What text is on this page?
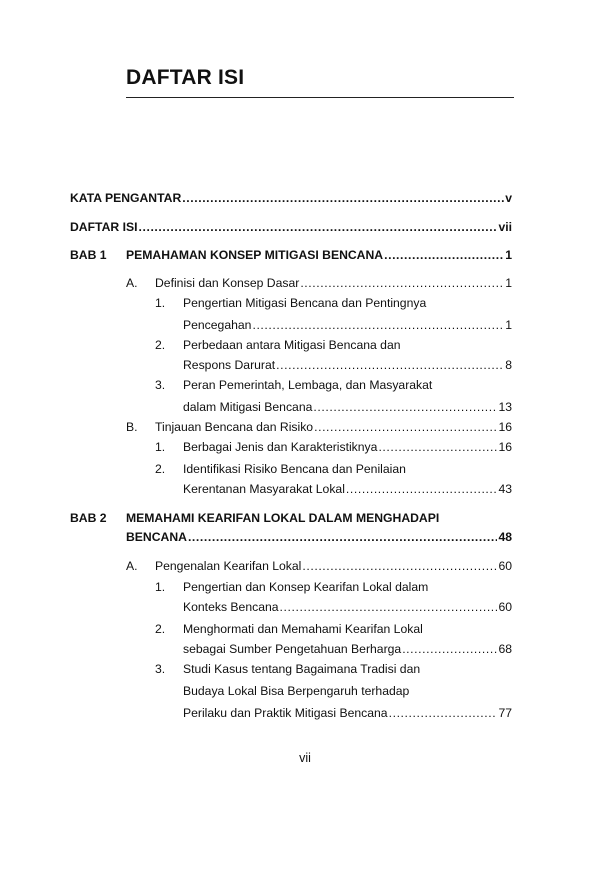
DAFTAR ISI
KATA PENGANTAR .....	v
DAFTAR ISI .....	vii
BAB 1 PEMAHAMAN KONSEP MITIGASI BENCANA .....	1
A. Definisi dan Konsep Dasar .....	1
1. Pengertian Mitigasi Bencana dan Pentingnya
Pencegahan .....	1
2. Perbedaan antara Mitigasi Bencana dan
Respons Darurat .....	8
3. Peran Pemerintah, Lembaga, dan Masyarakat
dalam Mitigasi Bencana .....	13
B. Tinjauan Bencana dan Risiko .....	16
1. Berbagai Jenis dan Karakteristiknya .....	16
2. Identifikasi Risiko Bencana dan Penilaian
Kerentanan Masyarakat Lokal .....	43
BAB 2 MEMAHAMI KEARIFAN LOKAL DALAM MENGHADAPI
BENCANA .....	48
A. Pengenalan Kearifan Lokal .....	60
1. Pengertian dan Konsep Kearifan Lokal dalam
Konteks Bencana .....	60
2. Menghormati dan Memahami Kearifan Lokal
sebagai Sumber Pengetahuan Berharga .....	68
3. Studi Kasus tentang Bagaimana Tradisi dan
Budaya Lokal Bisa Berpengaruh terhadap
Perilaku dan Praktik Mitigasi Bencana .....	77
vii
